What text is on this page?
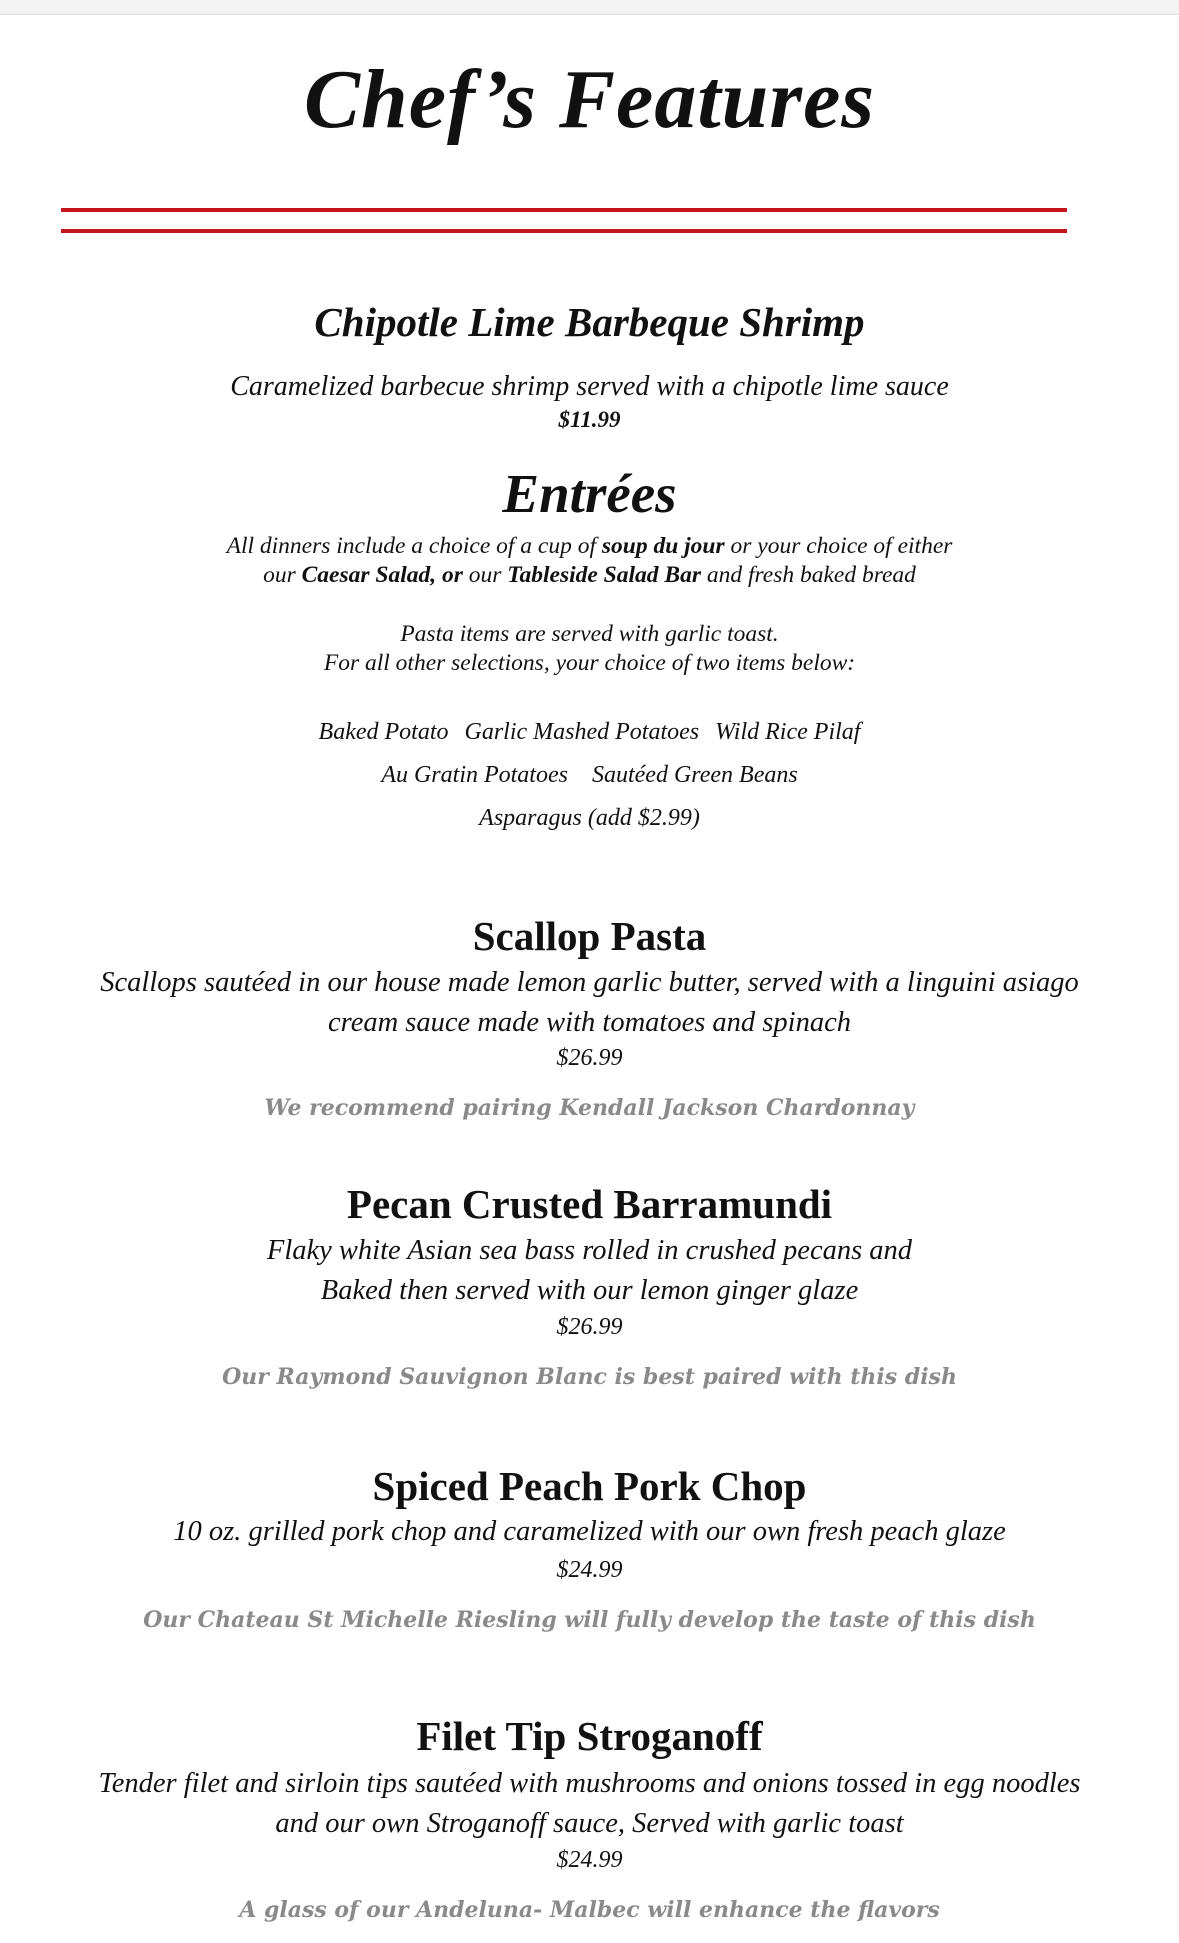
Chef’s Features
Chipotle Lime Barbeque Shrimp
Caramelized barbecue shrimp served with a chipotle lime sauce
$11.99
Entrées
All dinners include a choice of a cup of soup du jour or your choice of either
our Caesar Salad, or our Tableside Salad Bar and fresh baked bread
Pasta items are served with garlic toast.
For all other selections, your choice of two items below:
Baked Potato Garlic Mashed Potatoes Wild Rice Pilaf
Au Gratin Potatoes Sautéed Green Beans
Asparagus (add $2.99)
Scallop Pasta
Scallops sautéed in our house made lemon garlic butter, served with a linguini asiago
cream sauce made with tomatoes and spinach
$26.99
We recommend pairing Kendall Jackson Chardonnay
Pecan Crusted Barramundi
Flaky white Asian sea bass rolled in crushed pecans and
Baked then served with our lemon ginger glaze
$26.99
Our Raymond Sauvignon Blanc is best paired with this dish
Spiced Peach Pork Chop
10 oz. grilled pork chop and caramelized with our own fresh peach glaze
$24.99
Our Chateau St Michelle Riesling will fully develop the taste of this dish
Filet Tip Stroganoff
Tender filet and sirloin tips sautéed with mushrooms and onions tossed in egg noodles
and our own Stroganoff sauce, Served with garlic toast
$24.99
A glass of our Andeluna- Malbec will enhance the flavors
